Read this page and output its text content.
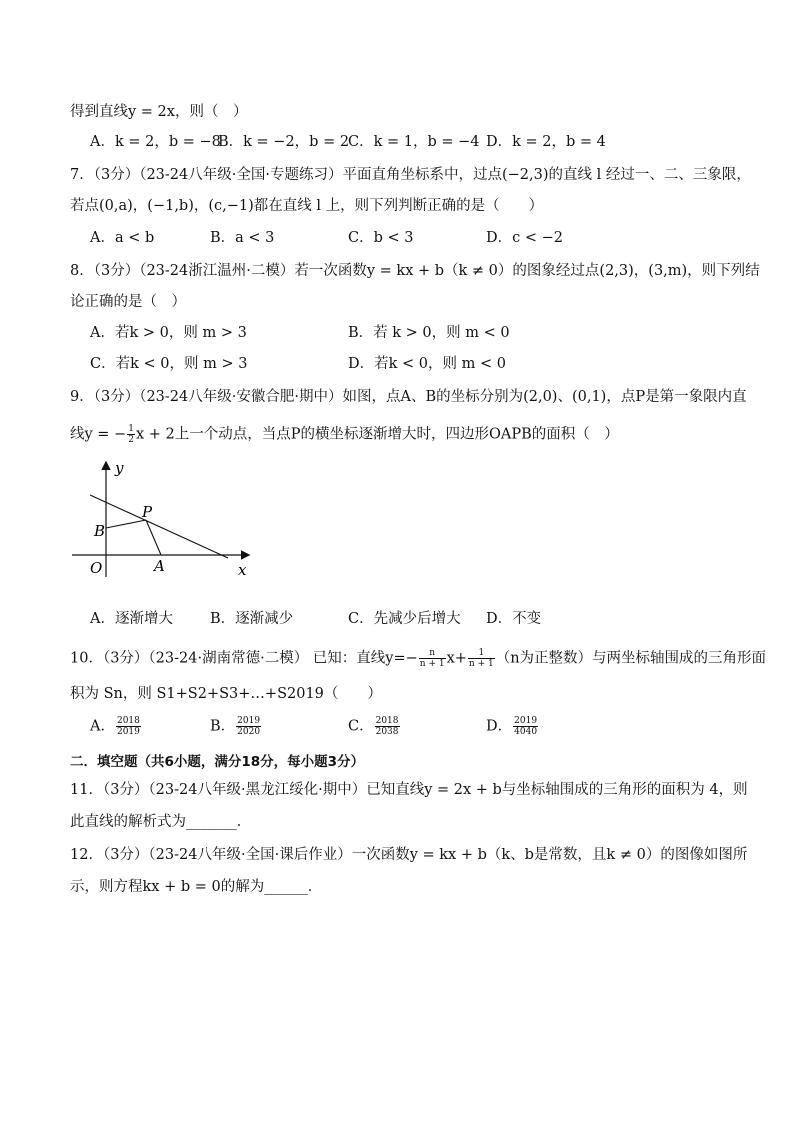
得到直线y = 2x，则（　）
A．k = 2，b = −8
B．k = −2，b = 2
C．k = 1，b = −4 D．k = 2，b = 4
7．（3分）（23-24八年级·全国·专题练习）平面直角坐标系中，过点(−2,3)的直线 l 经过一、二、三象限，
若点(0,a)，(−1,b)，(c,−1)都在直线 l 上，则下列判断正确的是（　　）
A．a < b	B．a < 3	C．b < 3	D．c < −2
8．（3分）（23-24浙江温州·二模）若一次函数y = kx + b（k ≠ 0）的图象经过点(2,3)，(3,m)，则下列结
论正确的是（　）
A．若k > 0，则 m > 3	B．若 k > 0，则 m < 0
C．若k < 0，则 m > 3	D．若k < 0，则 m < 0
9．（3分）（23-24八年级·安徽合肥·期中）如图，点A、B的坐标分别为(2,0)、(0,1)，点P是第一象限内直
线y = − $\frac{1}{2}$ x + 2上一个动点，当点P的横坐标逐渐增大时，四边形OAPB的面积（　）
y
x
O	A
B
P
A．逐渐增大	B．逐渐减少	C．先减少后增大 D．不变
10．（3分）（23-24·湖南常德·二模） 已知：直线$y=- \frac{n}{n + 1} x+ \frac{1}{n + 1} (n$为正整数）与两坐标轴围成的三角形面
积为 Sn，则 S1+S2+S3+…+S2019（　　）
A． $\frac{2018}{2019}$	B． $\frac{2019}{2020}$	C． $\frac{2018}{2038}$	D． $\frac{2019}{4040}$
二．填空题（共6小题，满分18分，每小题3分）
11．（3分）（23-24八年级·黑龙江绥化·期中）已知直线y = 2x + b与坐标轴围成的三角形的面积为 4，则
此直线的解析式为_______．
12．（3分）（23-24八年级·全国·课后作业）一次函数y = kx + b（k、b是常数，且k ≠ 0）的图像如图所
示，则方程kx + b = 0的解为______．
